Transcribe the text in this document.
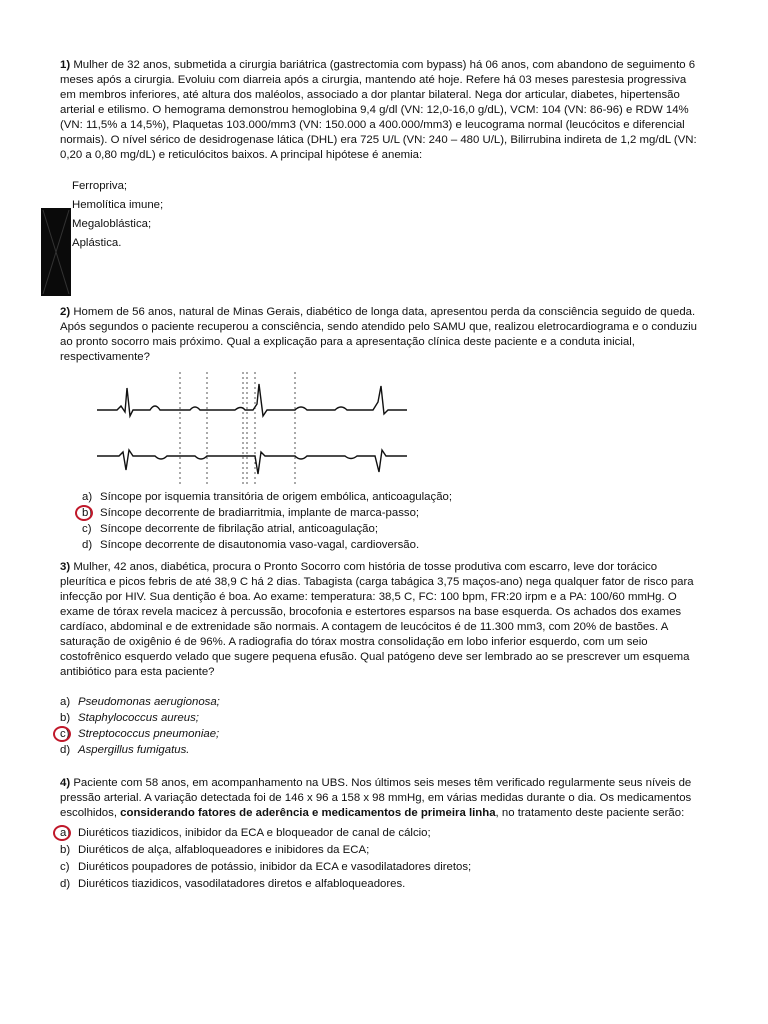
1) Mulher de 32 anos, submetida a cirurgia bariátrica (gastrectomia com bypass) há 06 anos, com abandono de seguimento 6 meses após a cirurgia. Evoluiu com diarreia após a cirurgia, mantendo até hoje. Refere há 03 meses parestesia progressiva em membros inferiores, até altura dos maléolos, associado a dor plantar bilateral. Nega dor articular, diabetes, hipertensão arterial e etilismo. O hemograma demonstrou hemoglobina 9,4 g/dl (VN: 12,0-16,0 g/dL), VCM: 104 (VN: 86-96) e RDW 14% (VN: 11,5% a 14,5%), Plaquetas 103.000/mm3 (VN: 150.000 a 400.000/mm3) e leucograma normal (leucócitos e diferencial normais). O nível sérico de desidrogenase lática (DHL) era 725 U/L (VN: 240 – 480 U/L), Bilirrubina indireta de 1,2 mg/dL (VN: 0,20 a 0,80 mg/dL) e reticulócitos baixos. A principal hipótese é anemia:
Ferropriva;
Hemolítica imune;
Megaloblástica;
Aplástica.
2) Homem de 56 anos, natural de Minas Gerais, diabético de longa data, apresentou perda da consciência seguido de queda. Após segundos o paciente recuperou a consciência, sendo atendido pelo SAMU que, realizou eletrocardiograma e o conduziu ao pronto socorro mais próximo. Qual a explicação para a apresentação clínica deste paciente e a conduta inicial, respectivamente?
a) Síncope por isquemia transitória de origem embólica, anticoagulação;
b) Síncope decorrente de bradiarritmia, implante de marca-passo;
c) Síncope decorrente de fibrilação atrial, anticoagulação;
d) Síncope decorrente de disautonomia vaso-vagal, cardioversão.
3) Mulher, 42 anos, diabética, procura o Pronto Socorro com história de tosse produtiva com escarro, leve dor torácico pleurítica e picos febris de até 38,9 C há 2 dias. Tabagista (carga tabágica 3,75 maços-ano) nega qualquer fator de risco para infecção por HIV. Sua dentição é boa. Ao exame: temperatura: 38,5 C, FC: 100 bpm, FR:20 irpm e a PA: 100/60 mmHg. O exame de tórax revela macicez à percussão, brocofonia e estertores esparsos na base esquerda. Os achados dos exames cardíaco, abdominal e de extrenidade são normais. A contagem de leucócitos é de 11.300 mm3, com 20% de bastões. A saturação de oxigênio é de 96%. A radiografia do tórax mostra consolidação em lobo inferior esquerdo, com um seio costofrênico esquerdo velado que sugere pequena efusão. Qual patógeno deve ser lembrado ao se prescrever um esquema antibiótico para esta paciente?
a) Pseudomonas aerugionosa;
b) Staphylococcus aureus;
c) Streptococcus pneumoniae;
d) Aspergillus fumigatus.
4) Paciente com 58 anos, em acompanhamento na UBS. Nos últimos seis meses têm verificado regularmente seus níveis de pressão arterial. A variação detectada foi de 146 x 96 a 158 x 98 mmHg, em várias medidas durante o dia. Os medicamentos escolhidos, considerando fatores de aderência e medicamentos de primeira linha, no tratamento deste paciente serão:
a) Diuréticos tiazidicos, inibidor da ECA e bloqueador de canal de cálcio;
b) Diuréticos de alça, alfabloqueadores e inibidores da ECA;
c) Diuréticos poupadores de potássio, inibidor da ECA e vasodilatadores diretos;
d) Diuréticos tiazidicos, vasodilatadores diretos e alfabloqueadores.
